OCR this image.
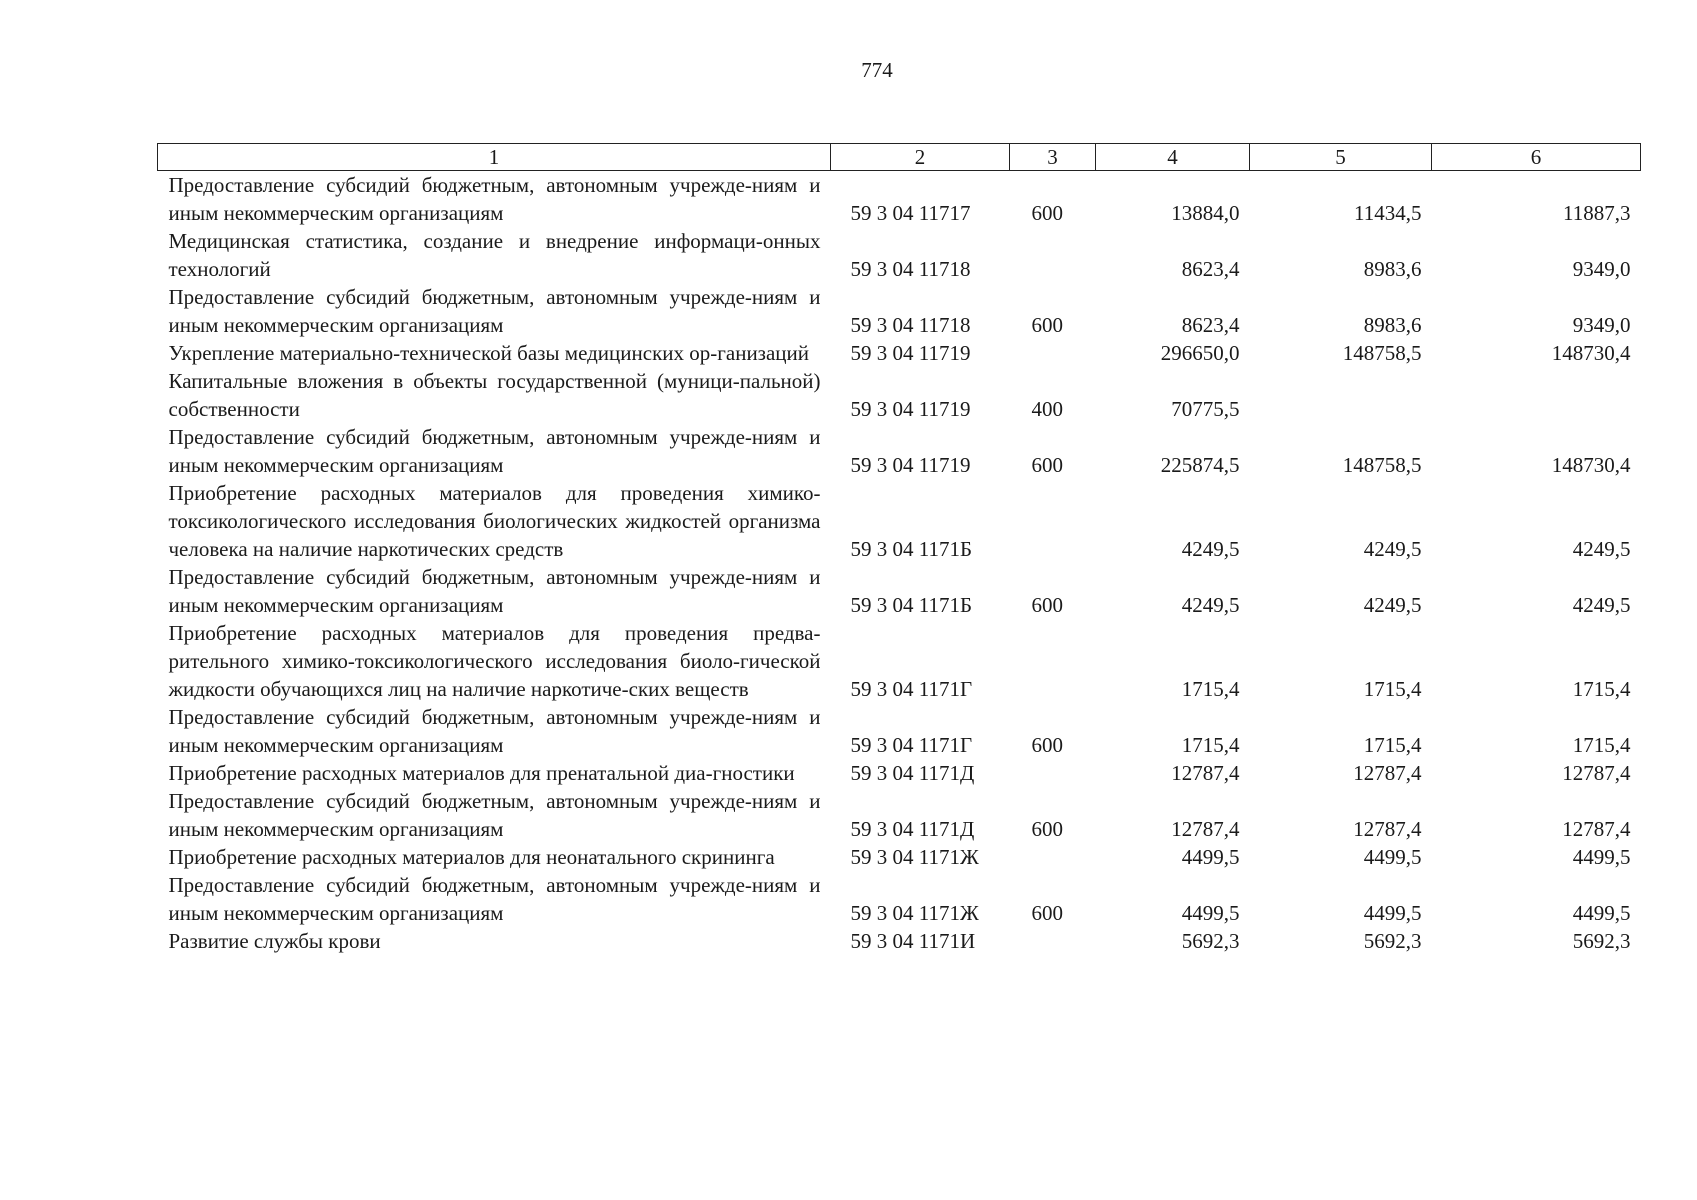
774
1	2	3	4	5	6
Предоставление субсидий бюджетным, автономным учрежде-ниям и иным некоммерческим организациям	59 3 04 11717	600	13884,0	11434,5	11887,3
Медицинская статистика, создание и внедрение информаци-онных технологий	59 3 04 11718		8623,4	8983,6	9349,0
Предоставление субсидий бюджетным, автономным учрежде-ниям и иным некоммерческим организациям	59 3 04 11718	600	8623,4	8983,6	9349,0
Укрепление материально-технической базы медицинских ор-ганизаций	59 3 04 11719		296650,0	148758,5	148730,4
Капитальные вложения в объекты государственной (муници-пальной) собственности	59 3 04 11719	400	70775,5		
Предоставление субсидий бюджетным, автономным учрежде-ниям и иным некоммерческим организациям	59 3 04 11719	600	225874,5	148758,5	148730,4
Приобретение расходных материалов для проведения химико-токсикологического исследования биологических жидкостей организма человека на наличие наркотических средств	59 3 04 1171Б		4249,5	4249,5	4249,5
Предоставление субсидий бюджетным, автономным учрежде-ниям и иным некоммерческим организациям	59 3 04 1171Б	600	4249,5	4249,5	4249,5
Приобретение расходных материалов для проведения предва-рительного химико-токсикологического исследования биоло-гической жидкости обучающихся лиц на наличие наркотиче-ских веществ	59 3 04 1171Г		1715,4	1715,4	1715,4
Предоставление субсидий бюджетным, автономным учрежде-ниям и иным некоммерческим организациям	59 3 04 1171Г	600	1715,4	1715,4	1715,4
Приобретение расходных материалов для пренатальной диа-гностики	59 3 04 1171Д		12787,4	12787,4	12787,4
Предоставление субсидий бюджетным, автономным учрежде-ниям и иным некоммерческим организациям	59 3 04 1171Д	600	12787,4	12787,4	12787,4
Приобретение расходных материалов для неонатального скрининга	59 3 04 1171Ж		4499,5	4499,5	4499,5
Предоставление субсидий бюджетным, автономным учрежде-ниям и иным некоммерческим организациям	59 3 04 1171Ж	600	4499,5	4499,5	4499,5
Развитие службы крови	59 3 04 1171И		5692,3	5692,3	5692,3
